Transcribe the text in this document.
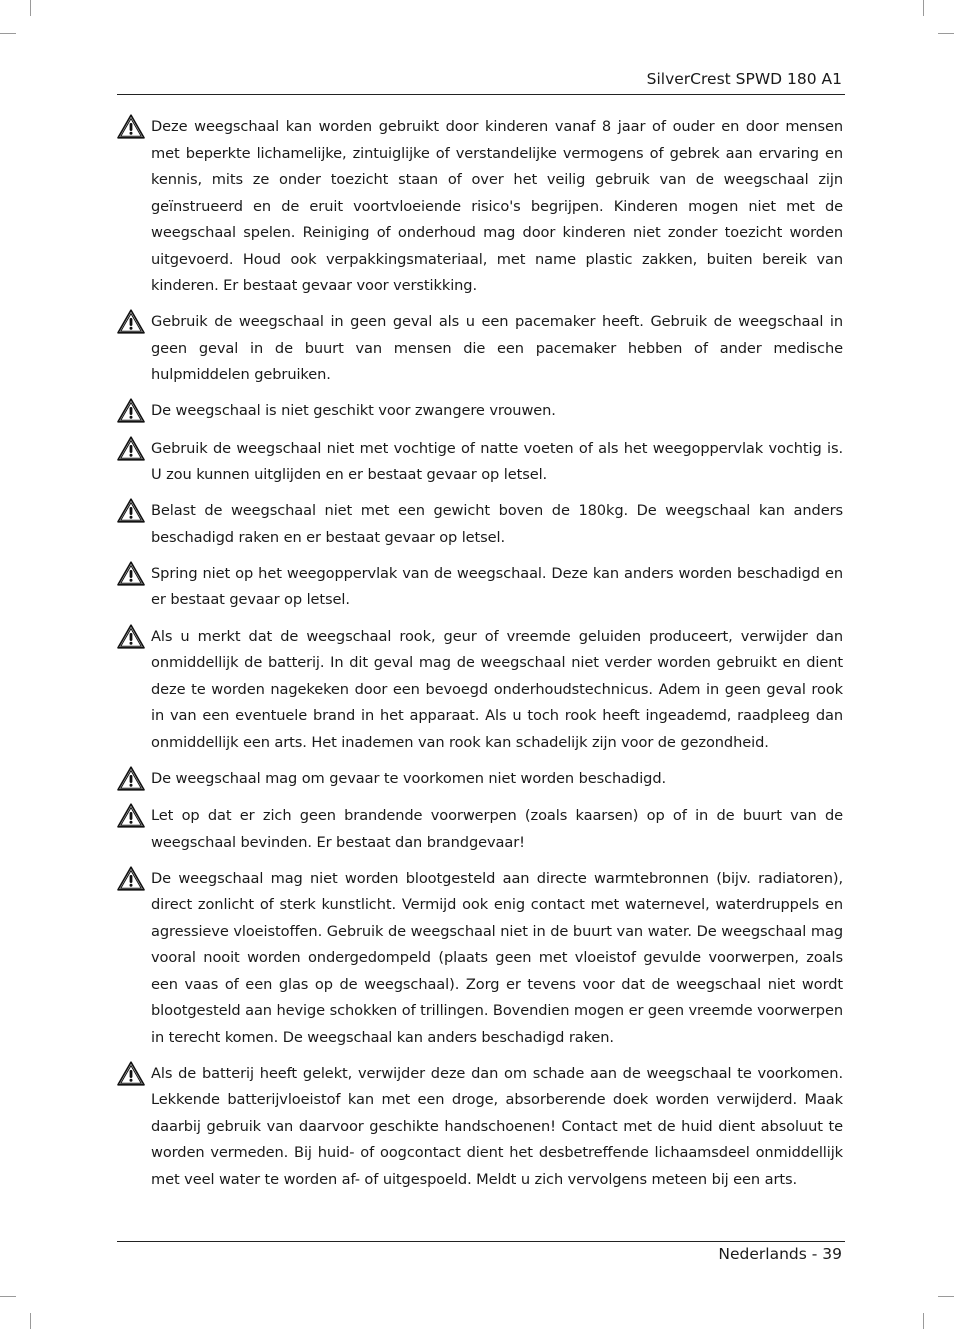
SilverCrest SPWD 180 A1

Deze weegschaal kan worden gebruikt door kinderen vanaf 8 jaar of ouder en door mensen met beperkte lichamelijke, zintuiglijke of verstandelijke vermogens of gebrek aan ervaring en kennis, mits ze onder toezicht staan of over het veilig gebruik van de weegschaal zijn geïnstrueerd en de eruit voortvloeiende risico's begrijpen. Kinderen mogen niet met de weegschaal spelen. Reiniging of onderhoud mag door kinderen niet zonder toezicht worden uitgevoerd. Houd ook verpakkingsmateriaal, met name plastic zakken, buiten bereik van kinderen. Er bestaat gevaar voor verstikking.

Gebruik de weegschaal in geen geval als u een pacemaker heeft. Gebruik de weegschaal in geen geval in de buurt van mensen die een pacemaker hebben of ander medische hulpmiddelen gebruiken.

De weegschaal is niet geschikt voor zwangere vrouwen.

Gebruik de weegschaal niet met vochtige of natte voeten of als het weegoppervlak vochtig is. U zou kunnen uitglijden en er bestaat gevaar op letsel.

Belast de weegschaal niet met een gewicht boven de 180kg. De weegschaal kan anders beschadigd raken en er bestaat gevaar op letsel.

Spring niet op het weegoppervlak van de weegschaal. Deze kan anders worden beschadigd en er bestaat gevaar op letsel.

Als u merkt dat de weegschaal rook, geur of vreemde geluiden produceert, verwijder dan onmiddellijk de batterij. In dit geval mag de weegschaal niet verder worden gebruikt en dient deze te worden nagekeken door een bevoegd onderhoudstechnicus. Adem in geen geval rook in van een eventuele brand in het apparaat. Als u toch rook heeft ingeademd, raadpleeg dan onmiddellijk een arts. Het inademen van rook kan schadelijk zijn voor de gezondheid.

De weegschaal mag om gevaar te voorkomen niet worden beschadigd.

Let op dat er zich geen brandende voorwerpen (zoals kaarsen) op of in de buurt van de weegschaal bevinden. Er bestaat dan brandgevaar!

De weegschaal mag niet worden blootgesteld aan directe warmtebronnen (bijv. radiatoren), direct zonlicht of sterk kunstlicht. Vermijd ook enig contact met waternevel, waterdruppels en agressieve vloeistoffen. Gebruik de weegschaal niet in de buurt van water. De weegschaal mag vooral nooit worden ondergedompeld (plaats geen met vloeistof gevulde voorwerpen, zoals een vaas of een glas op de weegschaal). Zorg er tevens voor dat de weegschaal niet wordt blootgesteld aan hevige schokken of trillingen. Bovendien mogen er geen vreemde voorwerpen in terecht komen. De weegschaal kan anders beschadigd raken.

Als de batterij heeft gelekt, verwijder deze dan om schade aan de weegschaal te voorkomen. Lekkende batterijvloeistof kan met een droge, absorberende doek worden verwijderd. Maak daarbij gebruik van daarvoor geschikte handschoenen! Contact met de huid dient absoluut te worden vermeden. Bij huid- of oogcontact dient het desbetreffende lichaamsdeel onmiddellijk met veel water te worden af- of uitgespoeld. Meldt u zich vervolgens meteen bij een arts.

Nederlands - 39
